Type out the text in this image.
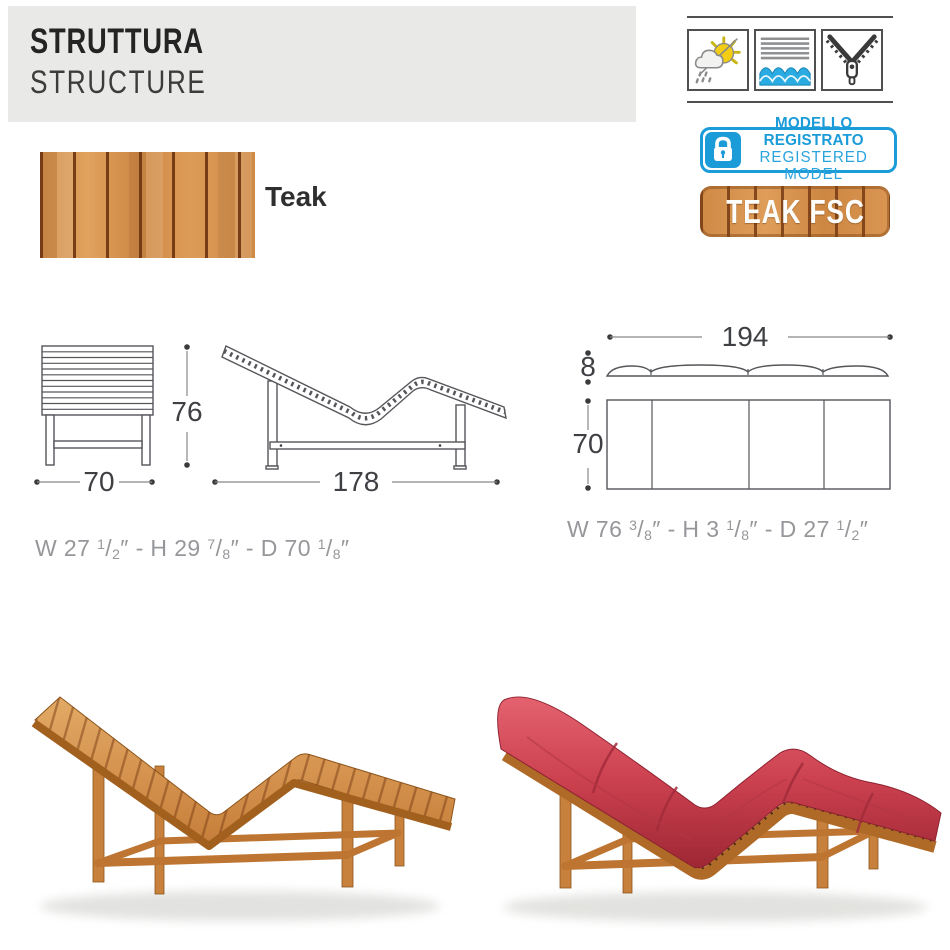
STRUTTURA
STRUCTURE
MODELLO REGISTRATO
REGISTERED MODEL
TEAK FSC
Teak
76
70	178
194
8
70
W 27 $^1/_2''$ - H 29 $^7/_8''$ - D 70 $^1/_8''$
W 76 $^3/_8''$ - H 3 $^1/_8''$ - D 27 $^1/_2''$
